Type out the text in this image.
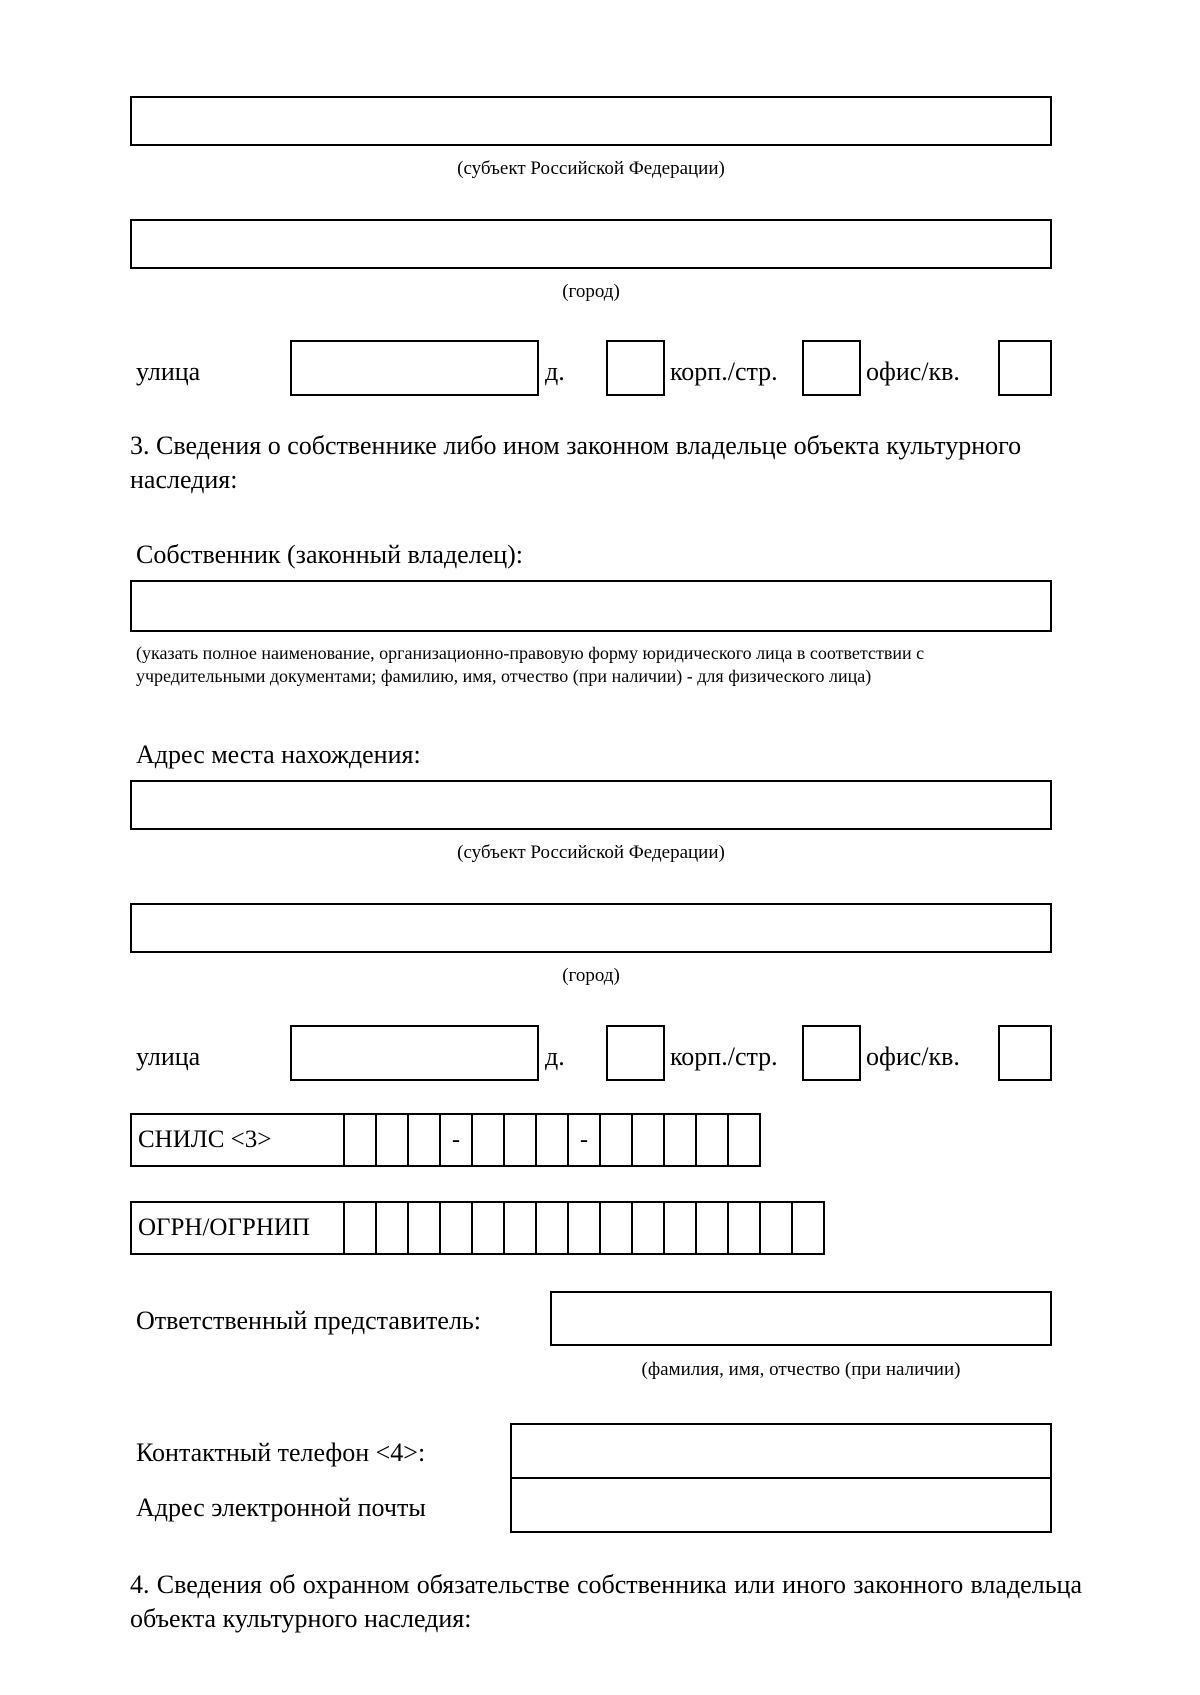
(субъект Российской Федерации)
(город)
улица	д.	корп./стр.	офис/кв.
3. Сведения о собственнике либо ином законном владельце объекта культурного наследия:
Собственник (законный владелец):
(указать полное наименование, организационно-правовую форму юридического лица в соответствии с учредительными документами; фамилию, имя, отчество (при наличии) - для физического лица)
Адрес места нахождения:
(субъект Российской Федерации)
(город)
улица	д.	корп./стр.	офис/кв.
СНИЛС <3>	-	-
ОГРН/ОГРНИП
Ответственный представитель:
(фамилия, имя, отчество (при наличии)
Контактный телефон <4>:
Адрес электронной почты
4. Сведения об охранном обязательстве собственника или иного законного владельца объекта культурного наследия:
